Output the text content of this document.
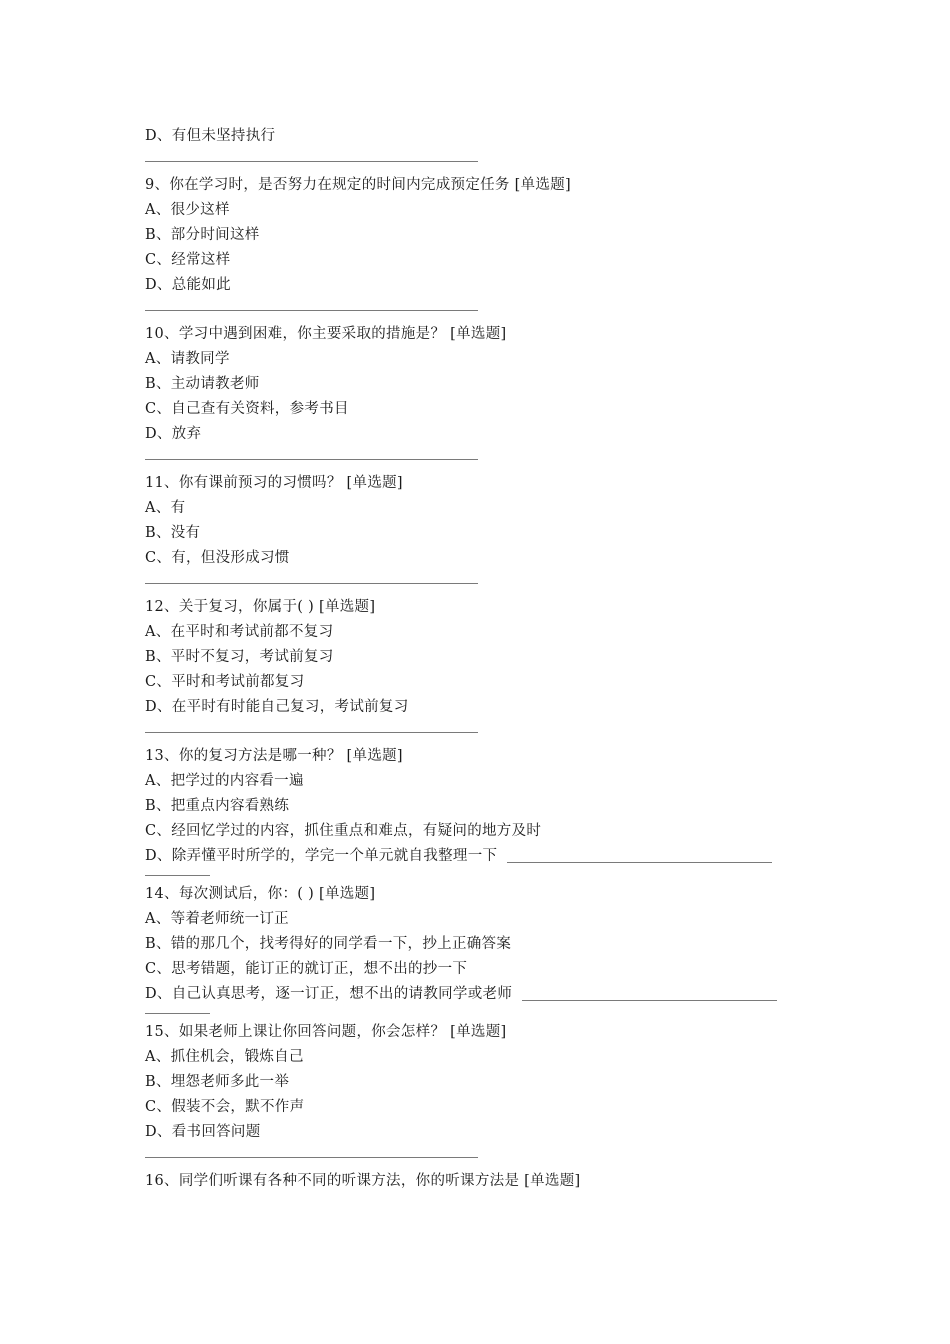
D、有但未坚持执行
9、你在学习时，是否努力在规定的时间内完成预定任务 [单选题]
A、很少这样
B、部分时间这样
C、经常这样
D、总能如此
10、学习中遇到困难，你主要采取的措施是？ [单选题]
A、请教同学
B、主动请教老师
C、自己查有关资料，参考书目
D、放弃
11、你有课前预习的习惯吗？ [单选题]
A、有
B、没有
C、有，但没形成习惯
12、关于复习，你属于( ) [单选题]
A、在平时和考试前都不复习
B、平时不复习，考试前复习
C、平时和考试前都复习
D、在平时有时能自己复习，考试前复习
13、你的复习方法是哪一种？ [单选题]
A、把学过的内容看一遍
B、把重点内容看熟练
C、经回忆学过的内容，抓住重点和难点，有疑问的地方及时
D、除弄懂平时所学的，学完一个单元就自我整理一下
14、每次测试后，你：( ) [单选题]
A、等着老师统一订正
B、错的那几个，找考得好的同学看一下，抄上正确答案
C、思考错题，能订正的就订正，想不出的抄一下
D、自己认真思考，逐一订正，想不出的请教同学或老师
15、如果老师上课让你回答问题，你会怎样？ [单选题]
A、抓住机会，锻炼自己
B、埋怨老师多此一举
C、假装不会，默不作声
D、看书回答问题
16、同学们听课有各种不同的听课方法，你的听课方法是 [单选题]
